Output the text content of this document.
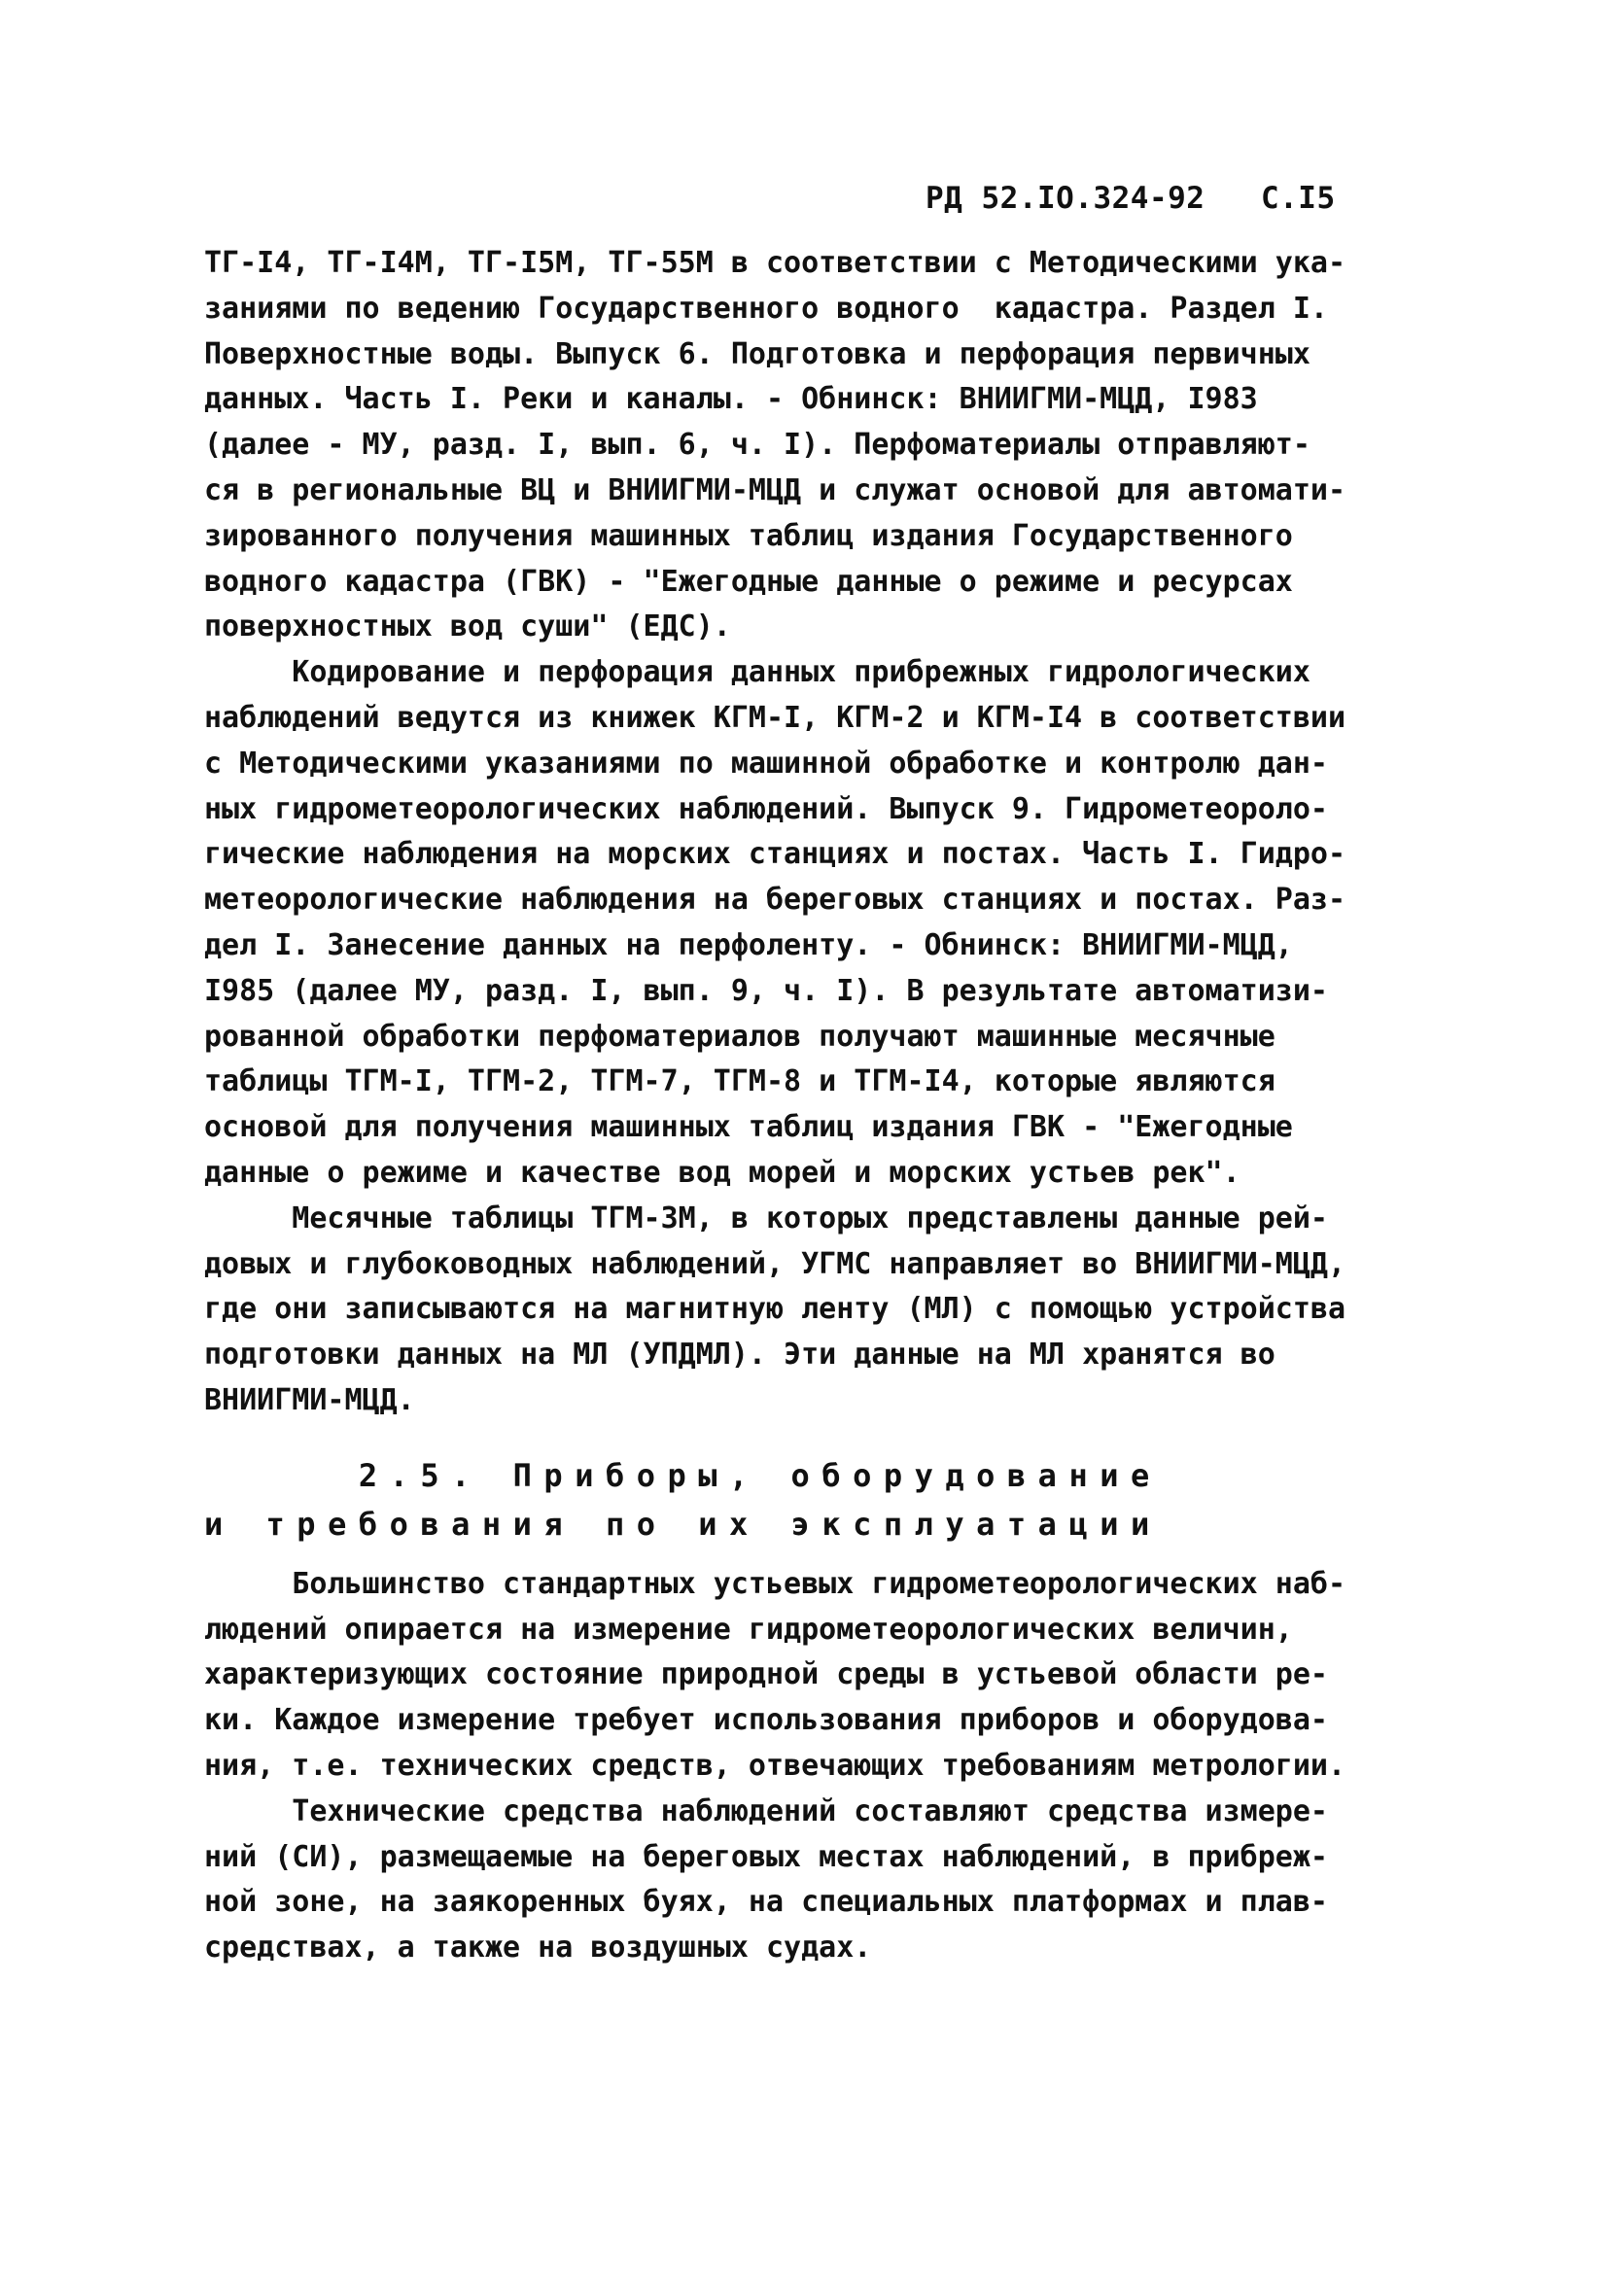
РД 52.IO.324-92 С.I5
ТГ-I4, ТГ-I4М, ТГ-I5М, ТГ-55М в соответствии с Методическими ука-
заниями по ведению Государственного водного  кадастра. Раздел I.
Поверхностные воды. Выпуск 6. Подготовка и перфорация первичных
данных. Часть I. Реки и каналы. - Обнинск: ВНИИГМИ-МЦД, I983
(далее - МУ, разд. I, вып. 6, ч. I). Перфоматериалы отправляют-
ся в региональные ВЦ и ВНИИГМИ-МЦД и служат основой для автомати-
зированного получения машинных таблиц издания Государственного
водного кадастра (ГВК) - "Ежегодные данные о режиме и ресурсах
поверхностных вод суши" (ЕДС).
Кодирование и перфорация данных прибрежных гидрологических
наблюдений ведутся из книжек КГМ-I, КГМ-2 и КГМ-I4 в соответствии
с Методическими указаниями по машинной обработке и контролю дан-
ных гидрометеорологических наблюдений. Выпуск 9. Гидрометеороло-
гические наблюдения на морских станциях и постах. Часть I. Гидро-
метеорологические наблюдения на береговых станциях и постах. Раз-
дел I. Занесение данных на перфоленту. - Обнинск: ВНИИГМИ-МЦД,
I985 (далее МУ, разд. I, вып. 9, ч. I). В результате автоматизи-
рованной обработки перфоматериалов получают машинные месячные
таблицы ТГМ-I, ТГМ-2, ТГМ-7, ТГМ-8 и ТГМ-I4, которые являются
основой для получения машинных таблиц издания ГВК - "Ежегодные
данные о режиме и качестве вод морей и морских устьев рек".
Месячные таблицы ТГМ-3М, в которых представлены данные рей-
довых и глубоководных наблюдений, УГМС направляет во ВНИИГМИ-МЦД,
где они записываются на магнитную ленту (МЛ) с помощью устройства
подготовки данных на МЛ (УПДМЛ). Эти данные на МЛ хранятся во
ВНИИГМИ-МЦД.
2.5. Приборы, оборудование
и требования по их эксплуатации
Большинство стандартных устьевых гидрометеорологических наб-
людений опирается на измерение гидрометеорологических величин,
характеризующих состояние природной среды в устьевой области ре-
ки. Каждое измерение требует использования приборов и оборудова-
ния, т.е. технических средств, отвечающих требованиям метрологии.
Технические средства наблюдений составляют средства измере-
ний (СИ), размещаемые на береговых местах наблюдений, в прибреж-
ной зоне, на заякоренных буях, на специальных платформах и плав-
средствах, а также на воздушных судах.
